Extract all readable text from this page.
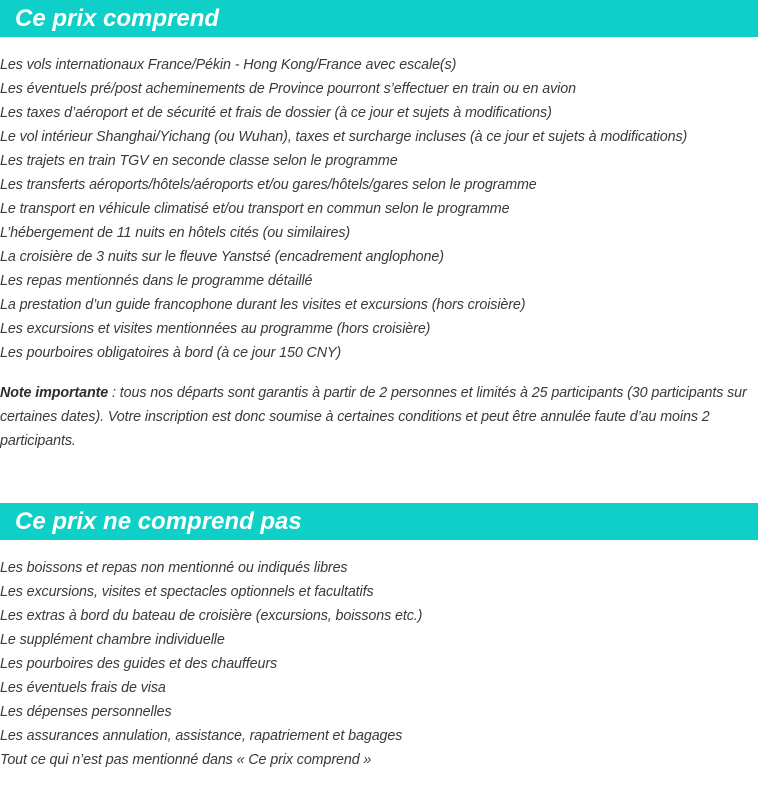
Ce prix comprend
Les vols internationaux France/Pékin - Hong Kong/France avec escale(s)
Les éventuels pré/post acheminements de Province pourront s’effectuer en train ou en avion
Les taxes d’aéroport et de sécurité et frais de dossier (à ce jour et sujets à modifications)
Le vol intérieur Shanghai/Yichang (ou Wuhan), taxes et surcharge incluses (à ce jour et sujets à modifications)
Les trajets en train TGV en seconde classe selon le programme
Les transferts aéroports/hôtels/aéroports et/ou gares/hôtels/gares selon le programme
Le transport en véhicule climatisé et/ou transport en commun selon le programme
L’hébergement de 11 nuits en hôtels cités (ou similaires)
La croisière de 3 nuits sur le fleuve Yanstsé (encadrement anglophone)
Les repas mentionnés dans le programme détaillé
La prestation d’un guide francophone durant les visites et excursions (hors croisière)
Les excursions et visites mentionnées au programme (hors croisière)
Les pourboires obligatoires à bord (à ce jour 150 CNY)

Note importante : tous nos départs sont garantis à partir de 2 personnes et limités à 25 participants (30 participants sur certaines dates). Votre inscription est donc soumise à certaines conditions et peut être annulée faute d’au moins 2 participants.

Ce prix ne comprend pas
Les boissons et repas non mentionné ou indiqués libres
Les excursions, visites et spectacles optionnels et facultatifs
Les extras à bord du bateau de croisière (excursions, boissons etc.)
Le supplément chambre individuelle
Les pourboires des guides et des chauffeurs
Les éventuels frais de visa
Les dépenses personnelles
Les assurances annulation, assistance, rapatriement et bagages
Tout ce qui n’est pas mentionné dans « Ce prix comprend »
